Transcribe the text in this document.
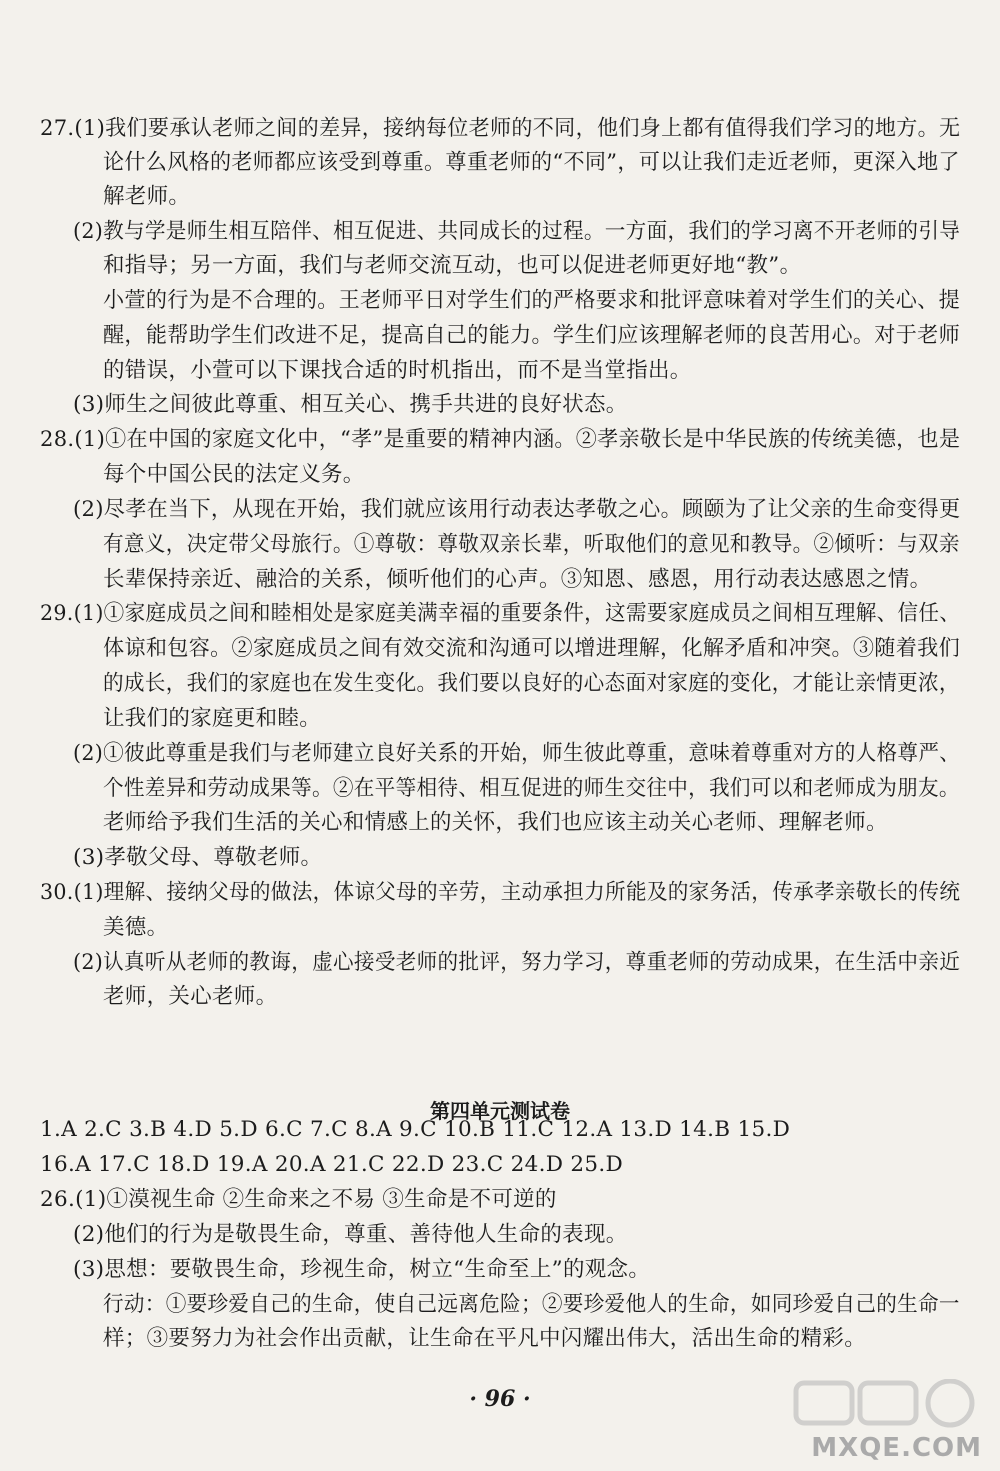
27.(1)我们要承认老师之间的差异，接纳每位老师的不同，他们身上都有值得我们学习的地方。无
论什么风格的老师都应该受到尊重。尊重老师的“不同”，可以让我们走近老师，更深入地了
解老师。
(2)教与学是师生相互陪伴、相互促进、共同成长的过程。一方面，我们的学习离不开老师的引导
和指导；另一方面，我们与老师交流互动，也可以促进老师更好地“教”。
小萱的行为是不合理的。王老师平日对学生们的严格要求和批评意味着对学生们的关心、提
醒，能帮助学生们改进不足，提高自己的能力。学生们应该理解老师的良苦用心。对于老师
的错误，小萱可以下课找合适的时机指出，而不是当堂指出。
(3)师生之间彼此尊重、相互关心、携手共进的良好状态。
28.(1)①在中国的家庭文化中，“孝”是重要的精神内涵。②孝亲敬长是中华民族的传统美德，也是
每个中国公民的法定义务。
(2)尽孝在当下，从现在开始，我们就应该用行动表达孝敬之心。顾颐为了让父亲的生命变得更
有意义，决定带父母旅行。①尊敬：尊敬双亲长辈，听取他们的意见和教导。②倾听：与双亲
长辈保持亲近、融洽的关系，倾听他们的心声。③知恩、感恩，用行动表达感恩之情。
29.(1)①家庭成员之间和睦相处是家庭美满幸福的重要条件，这需要家庭成员之间相互理解、信任、
体谅和包容。②家庭成员之间有效交流和沟通可以增进理解，化解矛盾和冲突。③随着我们
的成长，我们的家庭也在发生变化。我们要以良好的心态面对家庭的变化，才能让亲情更浓，
让我们的家庭更和睦。
(2)①彼此尊重是我们与老师建立良好关系的开始，师生彼此尊重，意味着尊重对方的人格尊严、
个性差异和劳动成果等。②在平等相待、相互促进的师生交往中，我们可以和老师成为朋友。
老师给予我们生活的关心和情感上的关怀，我们也应该主动关心老师、理解老师。
(3)孝敬父母、尊敬老师。
30.(1)理解、接纳父母的做法，体谅父母的辛劳，主动承担力所能及的家务活，传承孝亲敬长的传统
美德。
(2)认真听从老师的教诲，虚心接受老师的批评，努力学习，尊重老师的劳动成果，在生活中亲近
老师，关心老师。
1.A 2.C 3.B 4.D 5.D 6.C 7.C 8.A 9.C 10.B 11.C 12.A 13.D 14.B 15.D
16.A 17.C 18.D 19.A 20.A 21.C 22.D 23.C 24.D 25.D
26.(1)①漠视生命 ②生命来之不易 ③生命是不可逆的
(2)他们的行为是敬畏生命，尊重、善待他人生命的表现。
(3)思想：要敬畏生命，珍视生命，树立“生命至上”的观念。
行动：①要珍爱自己的生命，使自己远离危险；②要珍爱他人的生命，如同珍爱自己的生命一
样；③要努力为社会作出贡献，让生命在平凡中闪耀出伟大，活出生命的精彩。
第四单元测试卷
· 96 ·
MXQE.COM
